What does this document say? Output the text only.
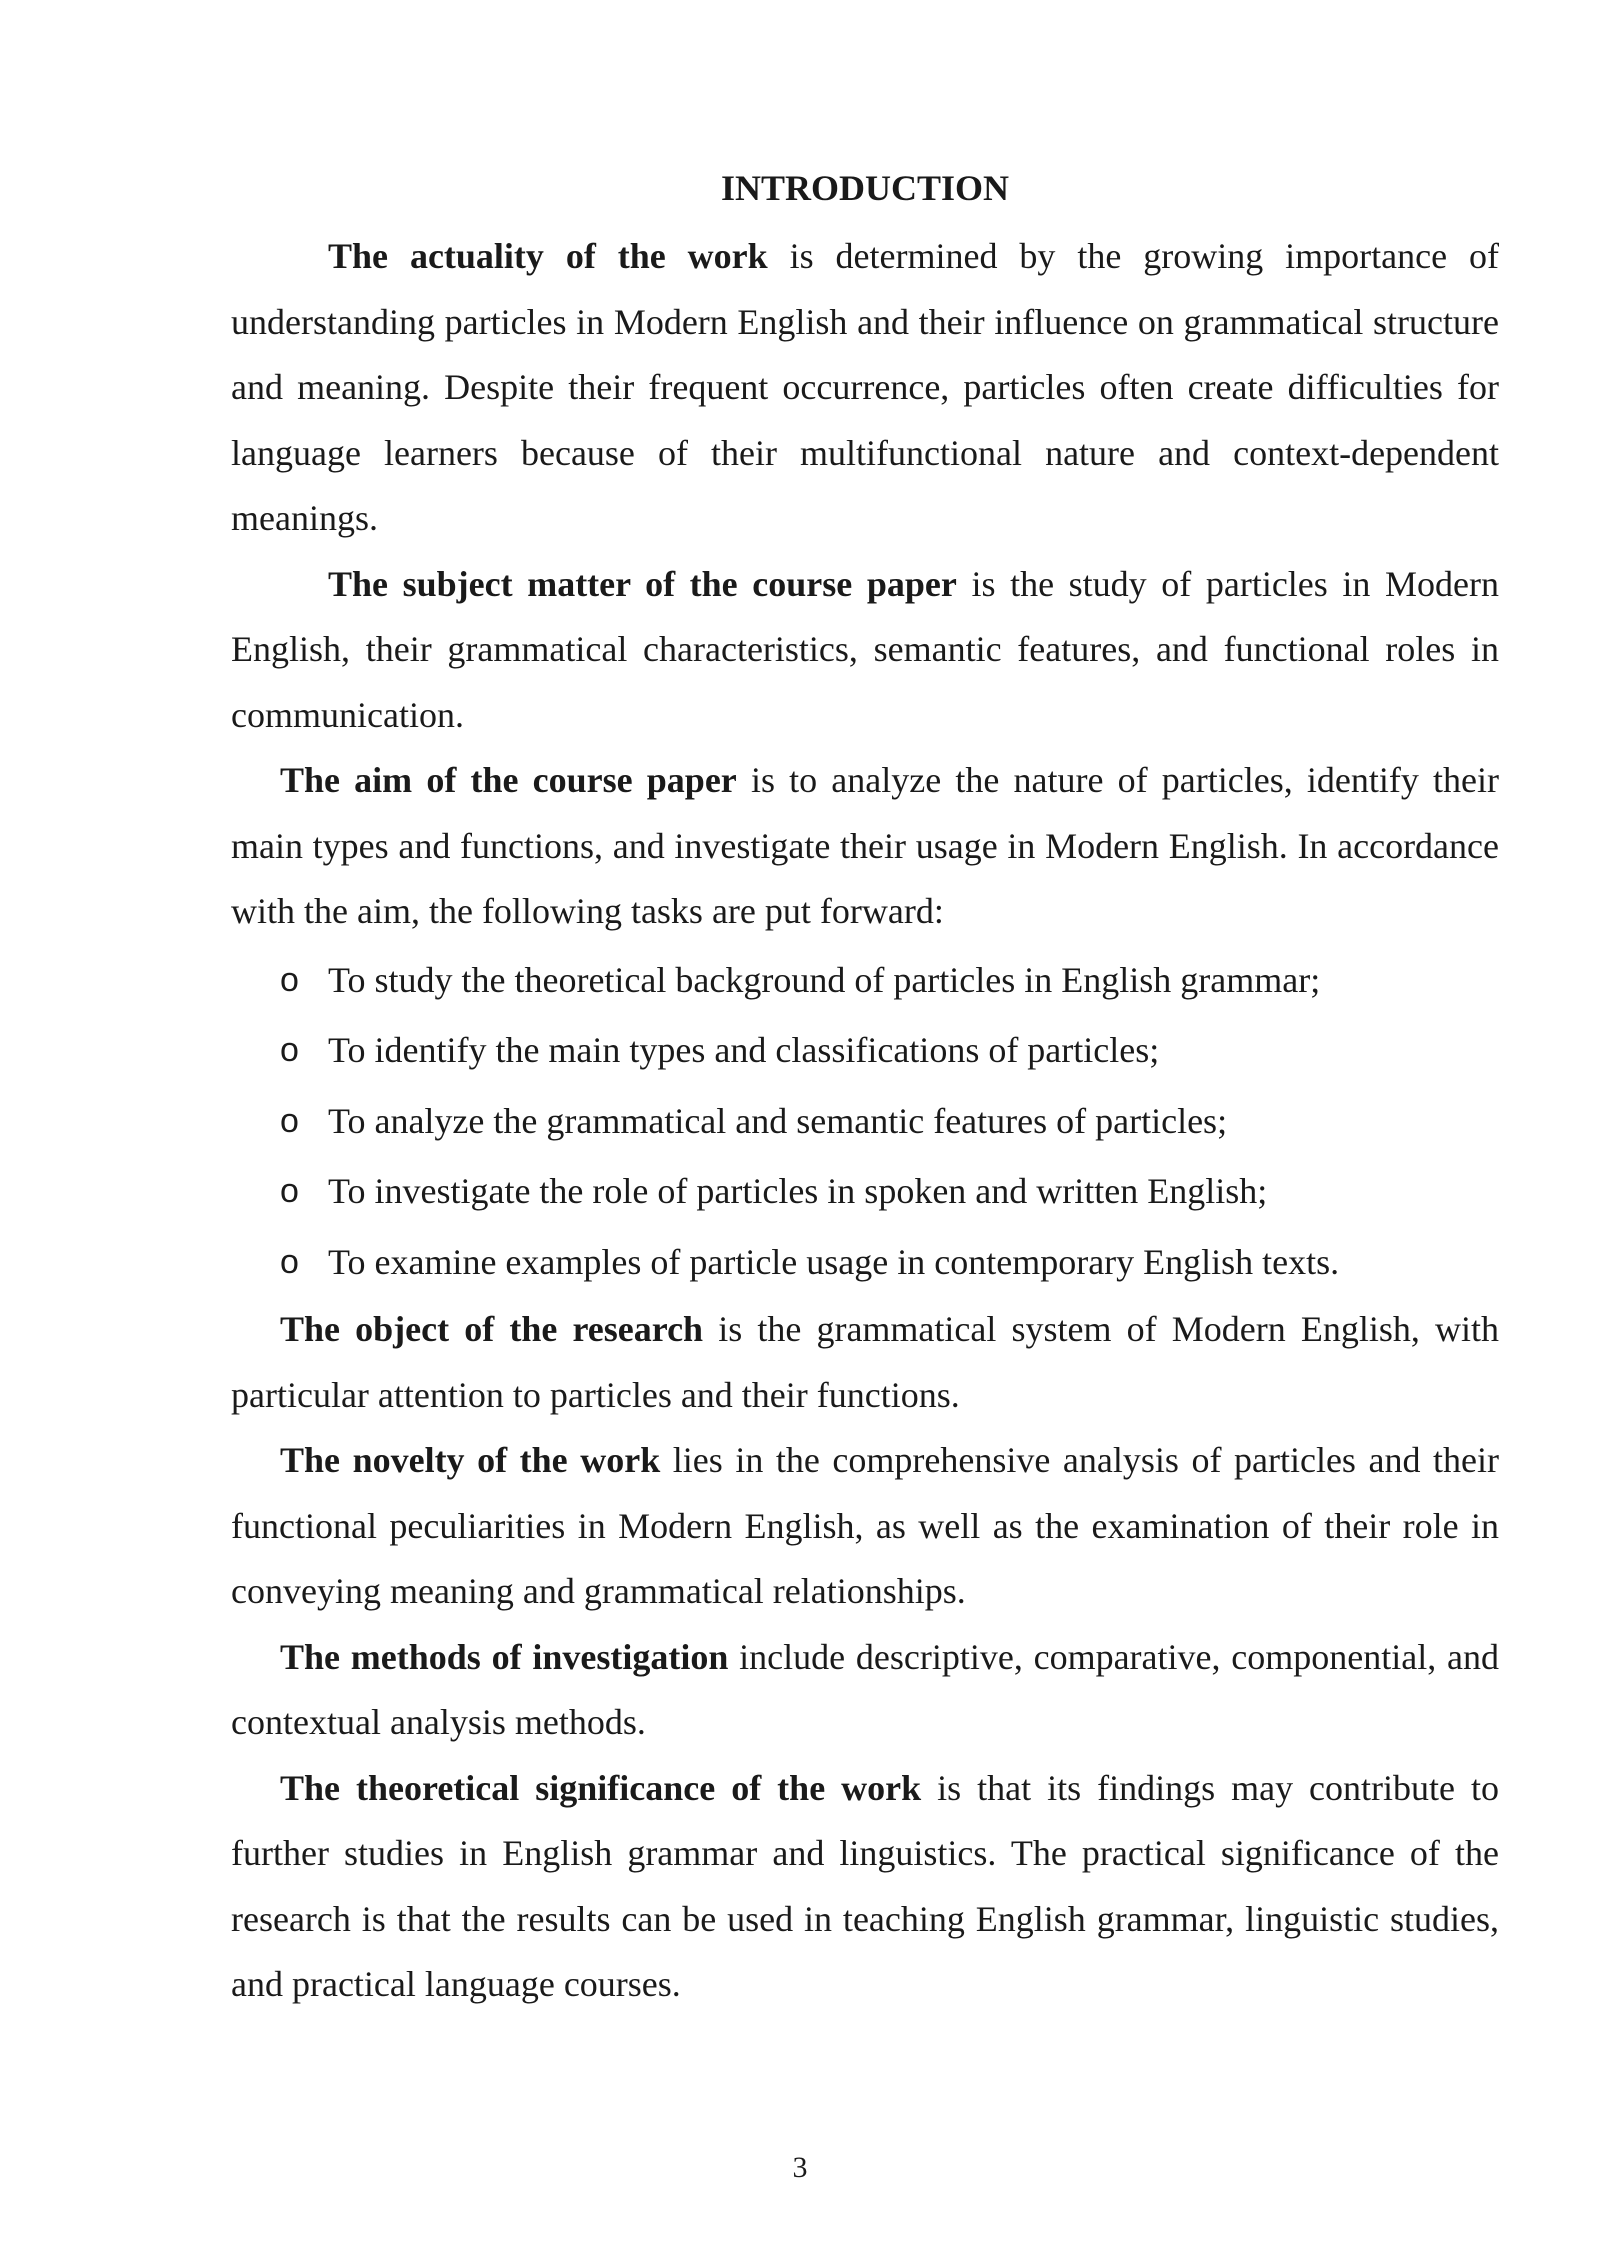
INTRODUCTION

The actuality of the work is determined by the growing importance of understanding particles in Modern English and their influence on grammatical structure and meaning. Despite their frequent occurrence, particles often create difficulties for language learners because of their multifunctional nature and context-dependent meanings.

The subject matter of the course paper is the study of particles in Modern English, their grammatical characteristics, semantic features, and functional roles in communication.

The aim of the course paper is to analyze the nature of particles, identify their main types and functions, and investigate their usage in Modern English. In accordance with the aim, the following tasks are put forward:

o To study the theoretical background of particles in English grammar;
o To identify the main types and classifications of particles;
o To analyze the grammatical and semantic features of particles;
o To investigate the role of particles in spoken and written English;
o To examine examples of particle usage in contemporary English texts.

The object of the research is the grammatical system of Modern English, with particular attention to particles and their functions.

The novelty of the work lies in the comprehensive analysis of particles and their functional peculiarities in Modern English, as well as the examination of their role in conveying meaning and grammatical relationships.

The methods of investigation include descriptive, comparative, componential, and contextual analysis methods.

The theoretical significance of the work is that its findings may contribute to further studies in English grammar and linguistics. The practical significance of the research is that the results can be used in teaching English grammar, linguistic studies, and practical language courses.

3
